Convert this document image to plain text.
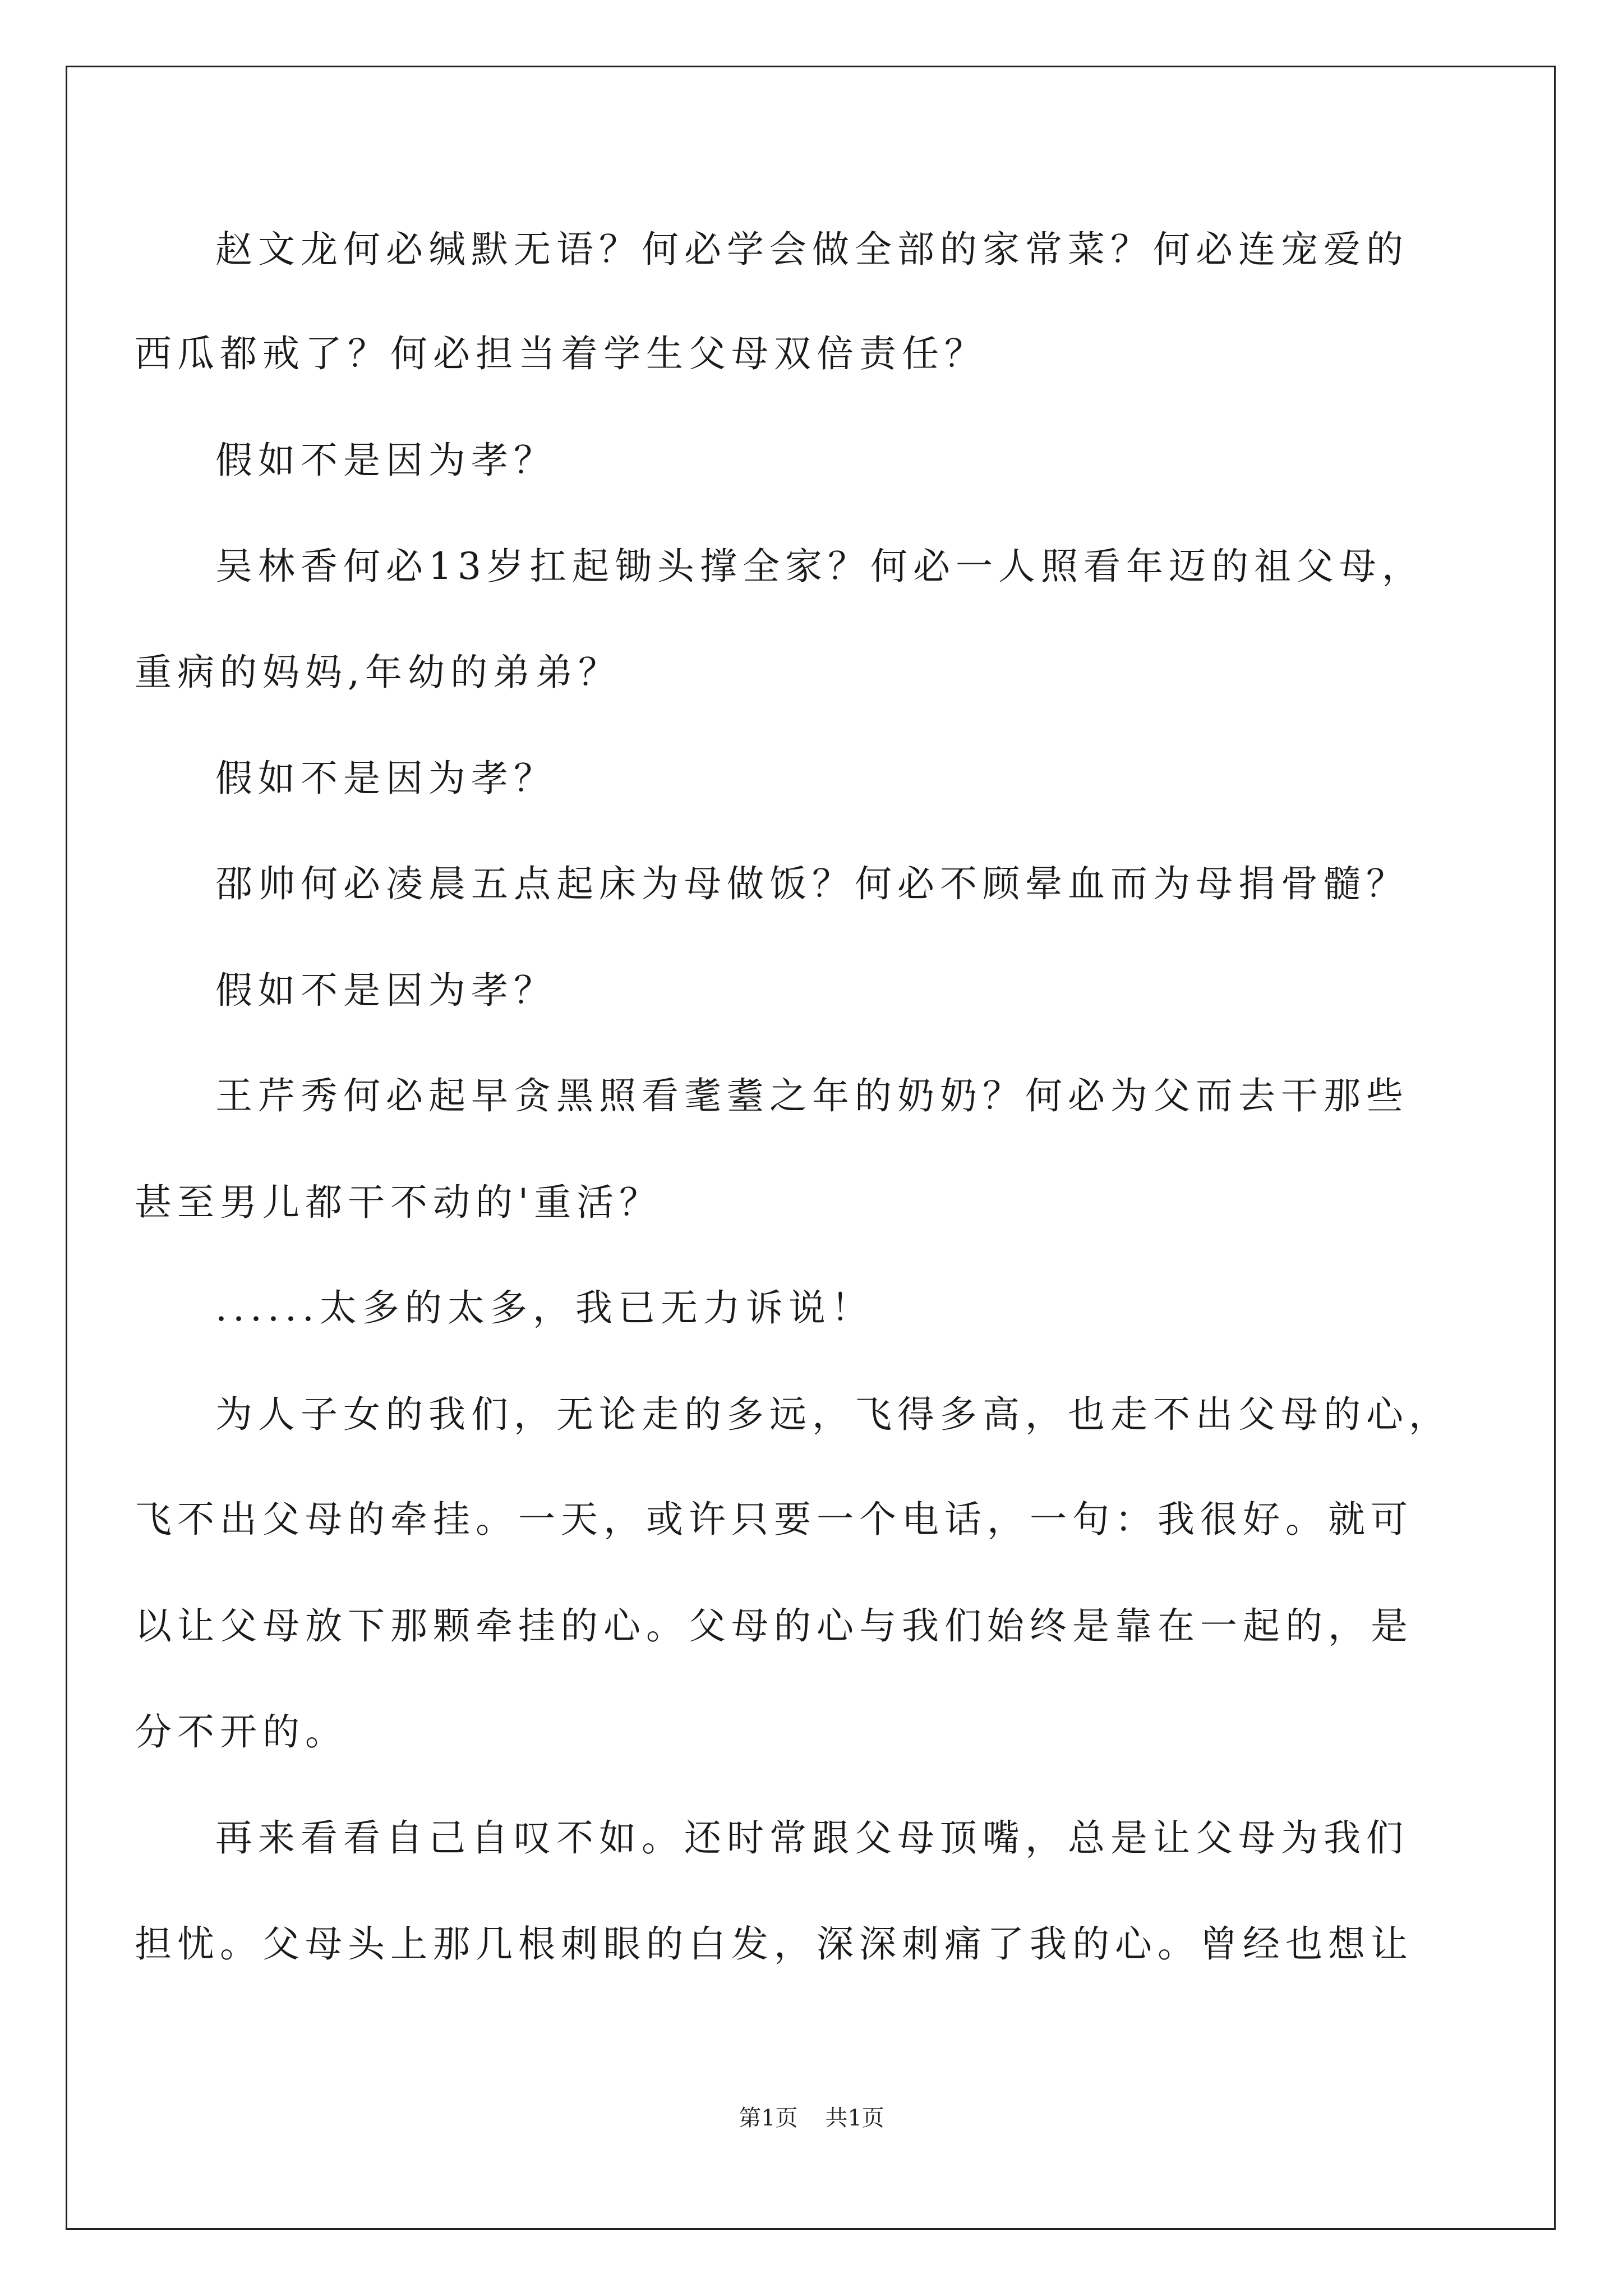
赵文龙何必缄默无语？何必学会做全部的家常菜？何必连宠爱的
西瓜都戒了？何必担当着学生父母双倍责任？
假如不是因为孝？
吴林香何必13岁扛起锄头撑全家？何必一人照看年迈的祖父母，
重病的妈妈,年幼的弟弟？
假如不是因为孝？
邵帅何必凌晨五点起床为母做饭？何必不顾晕血而为母捐骨髓？
假如不是因为孝？
王芹秀何必起早贪黑照看耄耋之年的奶奶？何必为父而去干那些
甚至男儿都干不动的'重活？
......太多的太多，我已无力诉说！
为人子女的我们，无论走的多远，飞得多高，也走不出父母的心，
飞不出父母的牵挂。一天，或许只要一个电话，一句：我很好。就可
以让父母放下那颗牵挂的心。父母的心与我们始终是靠在一起的，是
分不开的。
再来看看自己自叹不如。还时常跟父母顶嘴，总是让父母为我们
担忧。父母头上那几根刺眼的白发，深深刺痛了我的心。曾经也想让
第1页 共1页
